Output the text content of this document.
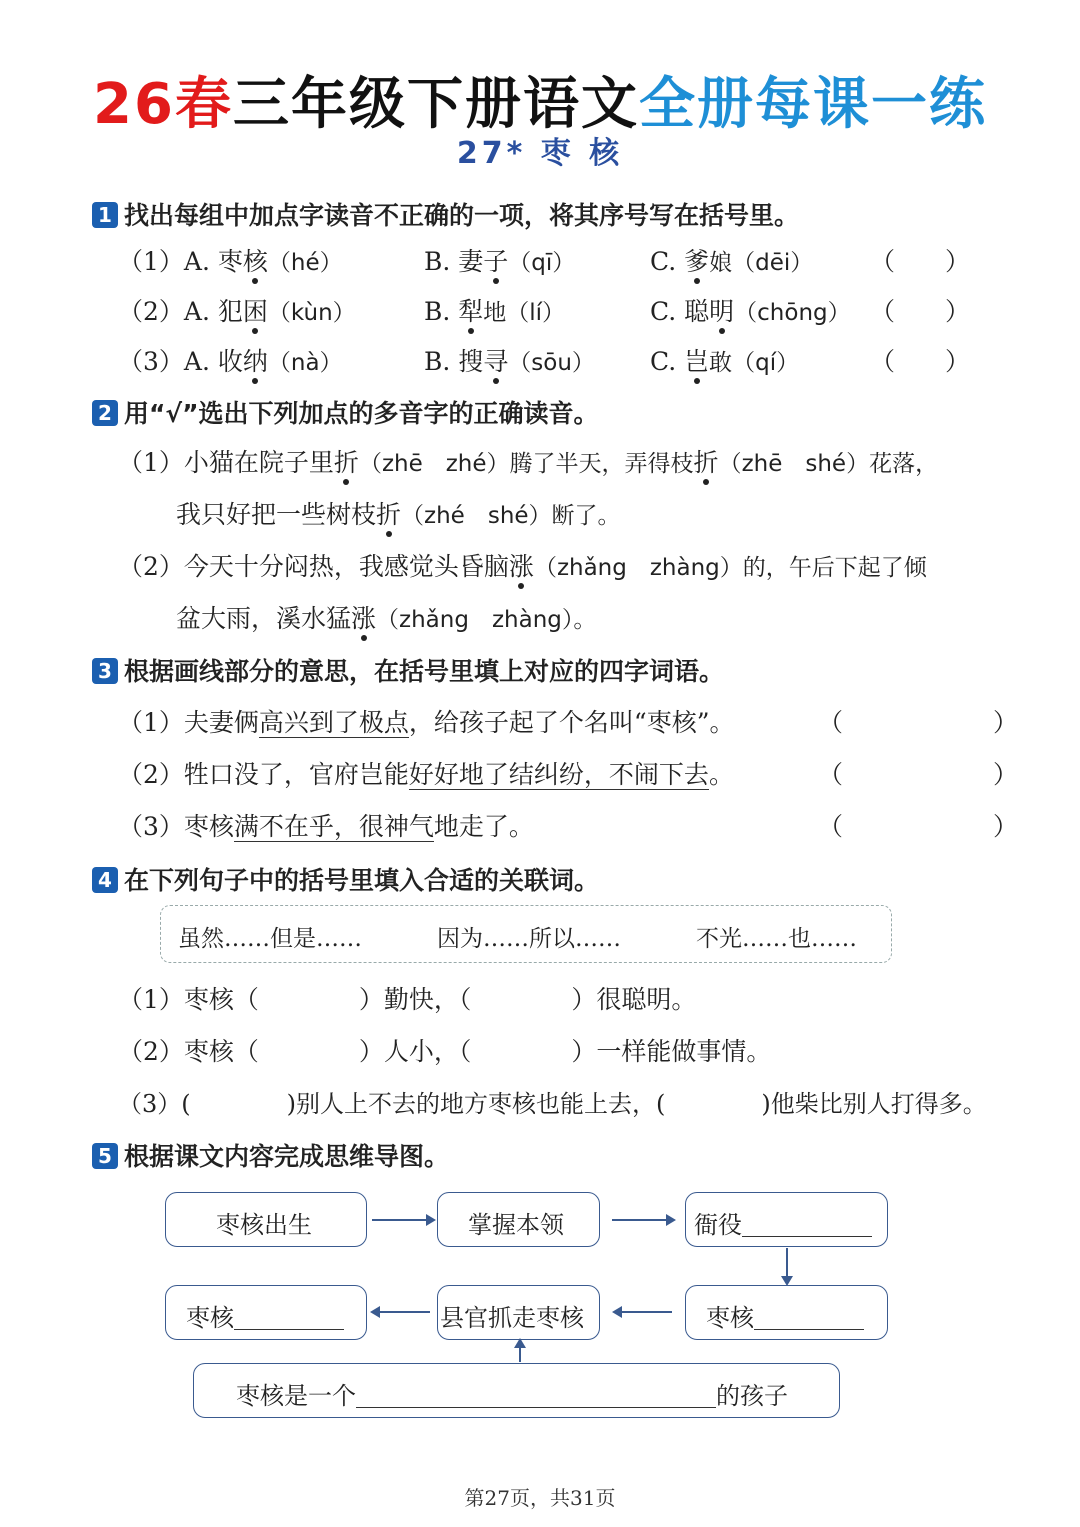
26春三年级下册语文全册每课一练
27* 枣 核
1 找出每组中加点字读音不正确的一项，将其序号写在括号里。
（1）A. 枣核（hé）	B. 妻子（qī）	C. 爹娘（dēi） （　　）
（2）A. 犯困（kùn）	B. 犁地（lí）	C. 聪明（chōng） （　　）
（3）A. 收纳（nà）	B. 搜寻（sōu） C. 岂敢（qí）	（　　）
2 用“√”选出下列加点的多音字的正确读音。
（1）小猫在院子里折（zhē　zhé）腾了半天，弄得枝折（zhē　shé）花落，
我只好把一些树枝折（zhé　shé）断了。
（2）今天十分闷热，我感觉头昏脑涨（zhǎng　zhàng）的，午后下起了倾
盆大雨，溪水猛涨（zhǎng　zhàng）。
3 根据画线部分的意思，在括号里填上对应的四字词语。
（1）夫妻俩高兴到了极点，给孩子起了个名叫“枣核”。	（　　　　　　）
（2）牲口没了，官府岂能好好地了结纠纷，不闹下去。	（　　　　　　）
（3）枣核满不在乎，很神气地走了。	（　　　　　　）
4 在下列句子中的括号里填入合适的关联词。
虽然……但是……	因为……所以……	不光……也……
（1）枣核（　　　　）勤快，（　　　　）很聪明。
（2）枣核（　　　　）人小，（　　　　）一样能做事情。
（3）(　　　　)别人上不去的地方枣核也能上去，(　　　　)他柴比别人打得多。
5 根据课文内容完成思维导图。
枣核出生	掌握本领	衙役
枣核
县官抓走枣核
枣核
枣核是一个	的孩子
第27页，共31页
